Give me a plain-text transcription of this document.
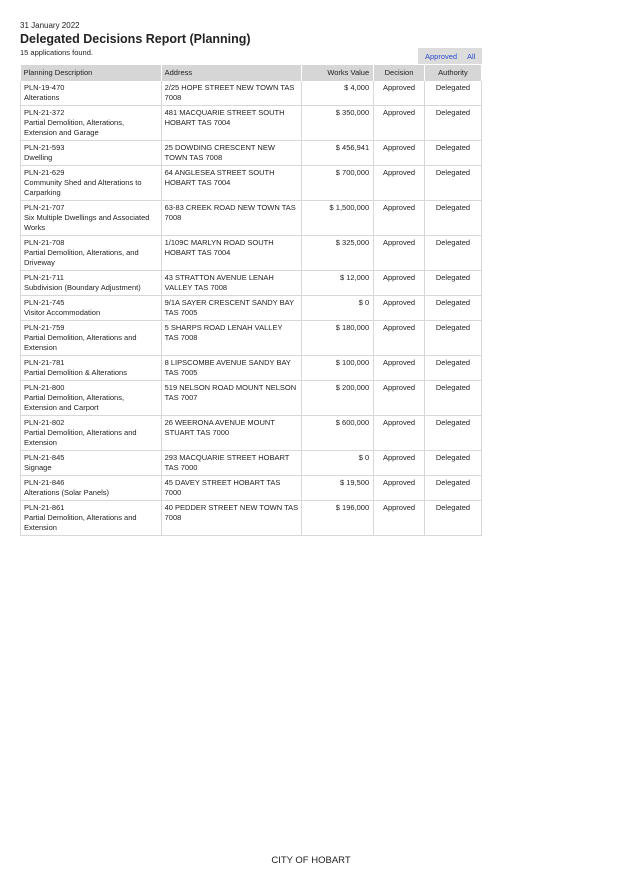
31 January 2022
Delegated Decisions Report (Planning)
15 applications found.	Approved All
Planning Description	Address	Works Value	Decision	Authority

PLN-19-470
Alterations	2/25 HOPE STREET NEW TOWN TAS 7008	$ 4,000	Approved	Delegated

PLN-21-372
Partial Demolition, Alterations, Extension and Garage	481 MACQUARIE STREET SOUTH HOBART TAS 7004	$ 350,000	Approved	Delegated

PLN-21-593
Dwelling	25 DOWDING CRESCENT NEW TOWN TAS 7008	$ 456,941	Approved	Delegated

PLN-21-629
Community Shed and Alterations to Carparking	64 ANGLESEA STREET SOUTH HOBART TAS 7004	$ 700,000	Approved	Delegated

PLN-21-707
Six Multiple Dwellings and Associated Works	63-83 CREEK ROAD NEW TOWN TAS 7008	$ 1,500,000	Approved	Delegated

PLN-21-708
Partial Demolition, Alterations, and Driveway	1/109C MARLYN ROAD SOUTH HOBART TAS 7004	$ 325,000	Approved	Delegated

PLN-21-711
Subdivision (Boundary Adjustment)	43 STRATTON AVENUE LENAH VALLEY TAS 7008	$ 12,000	Approved	Delegated

PLN-21-745
Visitor Accommodation	9/1A SAYER CRESCENT SANDY BAY TAS 7005	$ 0	Approved	Delegated

PLN-21-759
Partial Demolition, Alterations and Extension	5 SHARPS ROAD LENAH VALLEY TAS 7008	$ 180,000	Approved	Delegated

PLN-21-781
Partial Demolition & Alterations	8 LIPSCOMBE AVENUE SANDY BAY TAS 7005	$ 100,000	Approved	Delegated

PLN-21-800
Partial Demolition, Alterations, Extension and Carport	519 NELSON ROAD MOUNT NELSON TAS 7007	$ 200,000	Approved	Delegated

PLN-21-802
Partial Demolition, Alterations and Extension	26 WEERONA AVENUE MOUNT STUART TAS 7000	$ 600,000	Approved	Delegated

PLN-21-845
Signage	293 MACQUARIE STREET HOBART TAS 7000	$ 0	Approved	Delegated

PLN-21-846
Alterations (Solar Panels)	45 DAVEY STREET HOBART TAS 7000	$ 19,500	Approved	Delegated

PLN-21-861
Partial Demolition, Alterations and Extension	40 PEDDER STREET NEW TOWN TAS 7008	$ 196,000	Approved	Delegated
CITY OF HOBART
